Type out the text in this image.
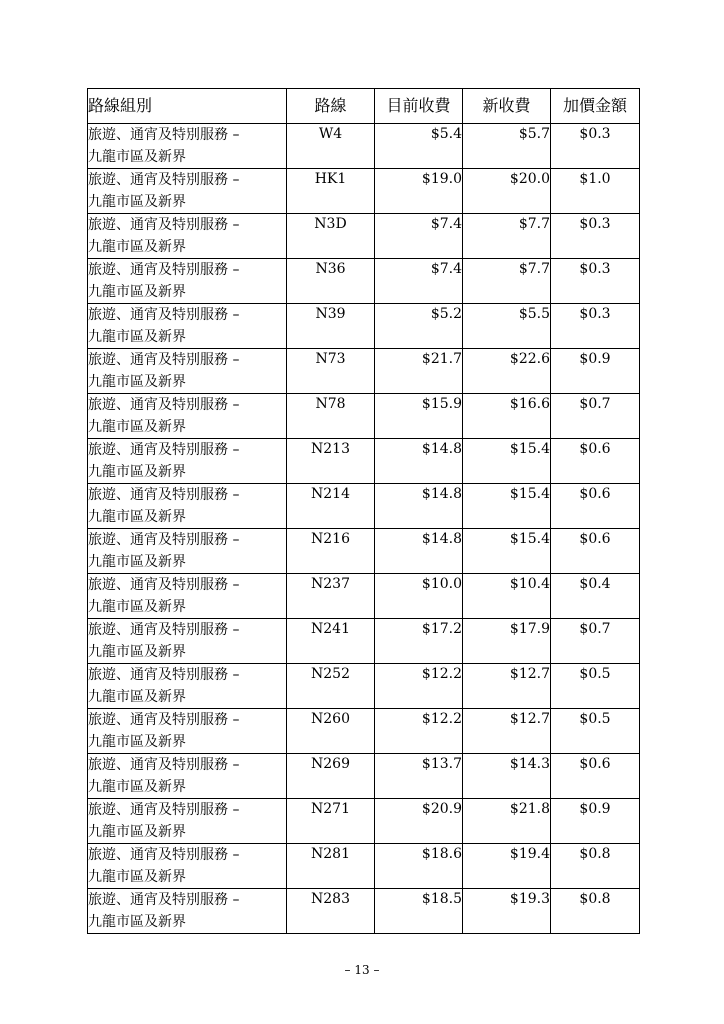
路線組別	路線	目前收費	新收費	加價金額

旅遊、通宵及特別服務 –
九龍市區及新界	W4	$5.4	$5.7	$0.3

旅遊、通宵及特別服務 –
九龍市區及新界	HK1	$19.0	$20.0	$1.0

旅遊、通宵及特別服務 –
九龍市區及新界	N3D	$7.4	$7.7	$0.3

旅遊、通宵及特別服務 –
九龍市區及新界	N36	$7.4	$7.7	$0.3

旅遊、通宵及特別服務 –
九龍市區及新界	N39	$5.2	$5.5	$0.3

旅遊、通宵及特別服務 –
九龍市區及新界	N73	$21.7	$22.6	$0.9

旅遊、通宵及特別服務 –
九龍市區及新界	N78	$15.9	$16.6	$0.7

旅遊、通宵及特別服務 –
九龍市區及新界	N213	$14.8	$15.4	$0.6

旅遊、通宵及特別服務 –
九龍市區及新界	N214	$14.8	$15.4	$0.6

旅遊、通宵及特別服務 –
九龍市區及新界	N216	$14.8	$15.4	$0.6

旅遊、通宵及特別服務 –
九龍市區及新界	N237	$10.0	$10.4	$0.4

旅遊、通宵及特別服務 –
九龍市區及新界	N241	$17.2	$17.9	$0.7

旅遊、通宵及特別服務 –
九龍市區及新界	N252	$12.2	$12.7	$0.5

旅遊、通宵及特別服務 –
九龍市區及新界	N260	$12.2	$12.7	$0.5

旅遊、通宵及特別服務 –
九龍市區及新界	N269	$13.7	$14.3	$0.6

旅遊、通宵及特別服務 –
九龍市區及新界	N271	$20.9	$21.8	$0.9

旅遊、通宵及特別服務 –
九龍市區及新界	N281	$18.6	$19.4	$0.8

旅遊、通宵及特別服務 –
九龍市區及新界	N283	$18.5	$19.3	$0.8
– 13 –
